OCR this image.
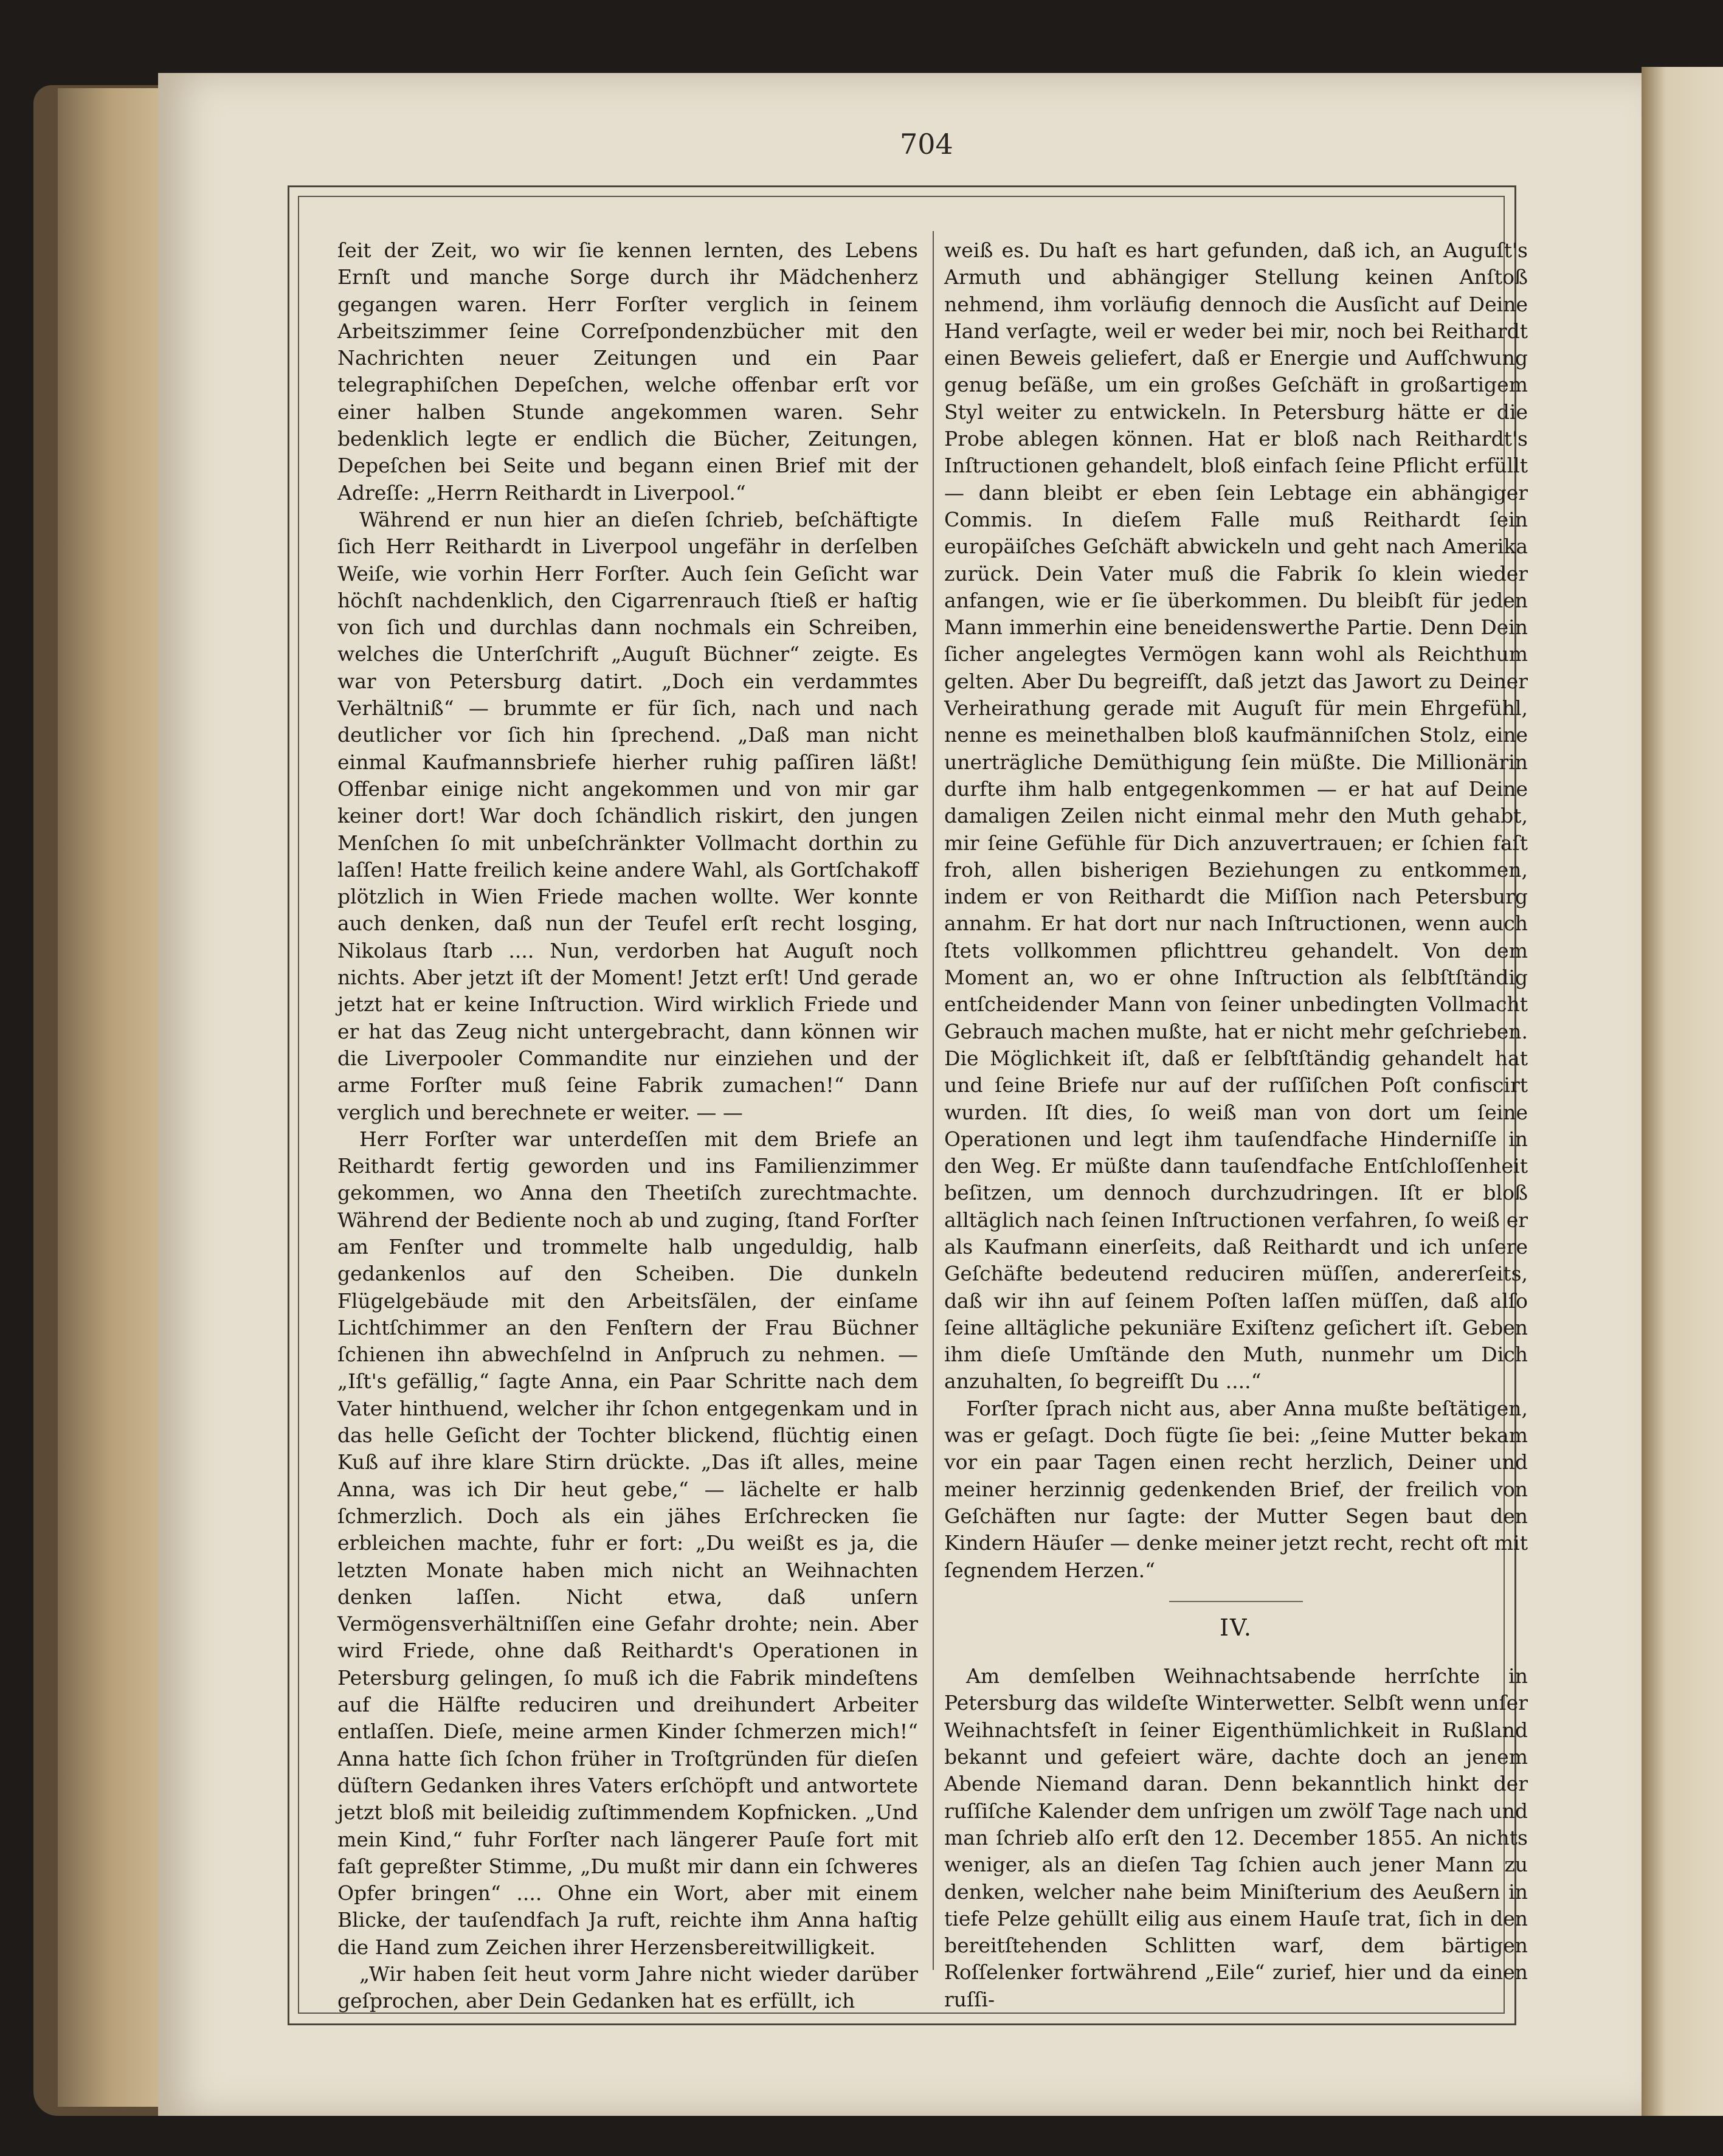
704

ſeit der Zeit, wo wir ſie kennen lernten, des Lebens Ernſt und manche Sorge durch ihr Mädchenherz gegangen waren. Herr Forſter verglich in ſeinem Arbeitszimmer ſeine Correſpondenzbücher mit den Nachrichten neuer Zeitungen und ein Paar telegraphiſchen Depeſchen, welche offenbar erſt vor einer halben Stunde angekommen waren. Sehr bedenklich legte er endlich die Bücher, Zeitungen, Depeſchen bei Seite und begann einen Brief mit der Adreſſe: „Herrn Reithardt in Liverpool.“

Während er nun hier an dieſen ſchrieb, beſchäftigte ſich Herr Reithardt in Liverpool ungefähr in derſelben Weiſe, wie vorhin Herr Forſter. Auch ſein Geſicht war höchſt nachdenklich, den Cigarrenrauch ſtieß er haſtig von ſich und durchlas dann nochmals ein Schreiben, welches die Unterſchrift „Auguſt Büchner“ zeigte. Es war von Petersburg datirt. „Doch ein verdammtes Verhältniß“ — brummte er für ſich, nach und nach deutlicher vor ſich hin ſprechend. „Daß man nicht einmal Kaufmannsbriefe hierher ruhig paſſiren läßt! Offenbar einige nicht angekommen und von mir gar keiner dort! War doch ſchändlich riskirt, den jungen Menſchen ſo mit unbeſchränkter Vollmacht dorthin zu laſſen! Hatte freilich keine andere Wahl, als Gortſchakoff plötzlich in Wien Friede machen wollte. Wer konnte auch denken, daß nun der Teufel erſt recht losging, Nikolaus ſtarb .... Nun, verdorben hat Auguſt noch nichts. Aber jetzt iſt der Moment! Jetzt erſt! Und gerade jetzt hat er keine Inſtruction. Wird wirklich Friede und er hat das Zeug nicht untergebracht, dann können wir die Liverpooler Commandite nur einziehen und der arme Forſter muß ſeine Fabrik zumachen!“ Dann verglich und berechnete er weiter. — —

Herr Forſter war unterdeſſen mit dem Briefe an Reithardt fertig geworden und ins Familienzimmer gekommen, wo Anna den Theetiſch zurechtmachte. Während der Bediente noch ab und zuging, ſtand Forſter am Fenſter und trommelte halb ungeduldig, halb gedankenlos auf den Scheiben. Die dunkeln Flügelgebäude mit den Arbeitsſälen, der einſame Lichtſchimmer an den Fenſtern der Frau Büchner ſchienen ihn abwechſelnd in Anſpruch zu nehmen. — „Iſt's gefällig,“ ſagte Anna, ein Paar Schritte nach dem Vater hinthuend, welcher ihr ſchon entgegenkam und in das helle Geſicht der Tochter blickend, flüchtig einen Kuß auf ihre klare Stirn drückte. „Das iſt alles, meine Anna, was ich Dir heut gebe,“ — lächelte er halb ſchmerzlich. Doch als ein jähes Erſchrecken ſie erbleichen machte, fuhr er fort: „Du weißt es ja, die letzten Monate haben mich nicht an Weihnachten denken laſſen. Nicht etwa, daß unſern Vermögensverhältniſſen eine Gefahr drohte; nein. Aber wird Friede, ohne daß Reithardt's Operationen in Petersburg gelingen, ſo muß ich die Fabrik mindeſtens auf die Hälfte reduciren und dreihundert Arbeiter entlaſſen. Dieſe, meine armen Kinder ſchmerzen mich!“ Anna hatte ſich ſchon früher in Troſtgründen für dieſen düſtern Gedanken ihres Vaters erſchöpft und antwortete jetzt bloß mit beileidig zuſtimmendem Kopfnicken. „Und mein Kind,“ fuhr Forſter nach längerer Pauſe fort mit faſt gepreßter Stimme, „Du mußt mir dann ein ſchweres Opfer bringen“ .... Ohne ein Wort, aber mit einem Blicke, der tauſendfach Ja ruft, reichte ihm Anna haſtig die Hand zum Zeichen ihrer Herzensbereitwilligkeit.

„Wir haben ſeit heut vorm Jahre nicht wieder darüber geſprochen, aber Dein Gedanken hat es erfüllt, ich

weiß es. Du haſt es hart gefunden, daß ich, an Auguſt's Armuth und abhängiger Stellung keinen Anſtoß nehmend, ihm vorläufig dennoch die Ausſicht auf Deine Hand verſagte, weil er weder bei mir, noch bei Reithardt einen Beweis geliefert, daß er Energie und Aufſchwung genug beſäße, um ein großes Geſchäft in großartigem Styl weiter zu entwickeln. In Petersburg hätte er die Probe ablegen können. Hat er bloß nach Reithardt's Inſtructionen gehandelt, bloß einfach ſeine Pflicht erfüllt — dann bleibt er eben ſein Lebtage ein abhängiger Commis. In dieſem Falle muß Reithardt ſein europäiſches Geſchäft abwickeln und geht nach Amerika zurück. Dein Vater muß die Fabrik ſo klein wieder anfangen, wie er ſie überkommen. Du bleibſt für jeden Mann immerhin eine beneidenswerthe Partie. Denn Dein ſicher angelegtes Vermögen kann wohl als Reichthum gelten. Aber Du begreifſt, daß jetzt das Jawort zu Deiner Verheirathung gerade mit Auguſt für mein Ehrgefühl, nenne es meinethalben bloß kaufmänniſchen Stolz, eine unerträgliche Demüthigung ſein müßte. Die Millionärin durfte ihm halb entgegenkommen — er hat auf Deine damaligen Zeilen nicht einmal mehr den Muth gehabt, mir ſeine Gefühle für Dich anzuvertrauen; er ſchien faſt froh, allen bisherigen Beziehungen zu entkommen, indem er von Reithardt die Miſſion nach Petersburg annahm. Er hat dort nur nach Inſtructionen, wenn auch ſtets vollkommen pflichttreu gehandelt. Von dem Moment an, wo er ohne Inſtruction als ſelbſtſtändig entſcheidender Mann von ſeiner unbedingten Vollmacht Gebrauch machen mußte, hat er nicht mehr geſchrieben. Die Möglichkeit iſt, daß er ſelbſtſtändig gehandelt hat und ſeine Briefe nur auf der ruſſiſchen Poſt confiscirt wurden. Iſt dies, ſo weiß man von dort um ſeine Operationen und legt ihm tauſendfache Hinderniſſe in den Weg. Er müßte dann tauſendfache Entſchloſſenheit beſitzen, um dennoch durchzudringen. Iſt er bloß alltäglich nach ſeinen Inſtructionen verfahren, ſo weiß er als Kaufmann einerſeits, daß Reithardt und ich unſere Geſchäfte bedeutend reduciren müſſen, andererſeits, daß wir ihn auf ſeinem Poſten laſſen müſſen, daß alſo ſeine alltägliche pekuniäre Exiſtenz geſichert iſt. Geben ihm dieſe Umſtände den Muth, nunmehr um Dich anzuhalten, ſo begreifſt Du ....“

Forſter ſprach nicht aus, aber Anna mußte beſtätigen, was er geſagt. Doch fügte ſie bei: „ſeine Mutter bekam vor ein paar Tagen einen recht herzlich, Deiner und meiner herzinnig gedenkenden Brief, der freilich von Geſchäften nur ſagte: der Mutter Segen baut den Kindern Häuſer — denke meiner jetzt recht, recht oft mit ſegnendem Herzen.“

IV.

Am demſelben Weihnachtsabende herrſchte in Petersburg das wildeſte Winterwetter. Selbſt wenn unſer Weihnachtsfeſt in ſeiner Eigenthümlichkeit in Rußland bekannt und gefeiert wäre, dachte doch an jenem Abende Niemand daran. Denn bekanntlich hinkt der ruſſiſche Kalender dem unſrigen um zwölf Tage nach und man ſchrieb alſo erſt den 12. December 1855. An nichts weniger, als an dieſen Tag ſchien auch jener Mann zu denken, welcher nahe beim Miniſterium des Aeußern in tiefe Pelze gehüllt eilig aus einem Hauſe trat, ſich in den bereitſtehenden Schlitten warf, dem bärtigen Roſſelenker fortwährend „Eile“ zurief, hier und da einen ruſſi-
